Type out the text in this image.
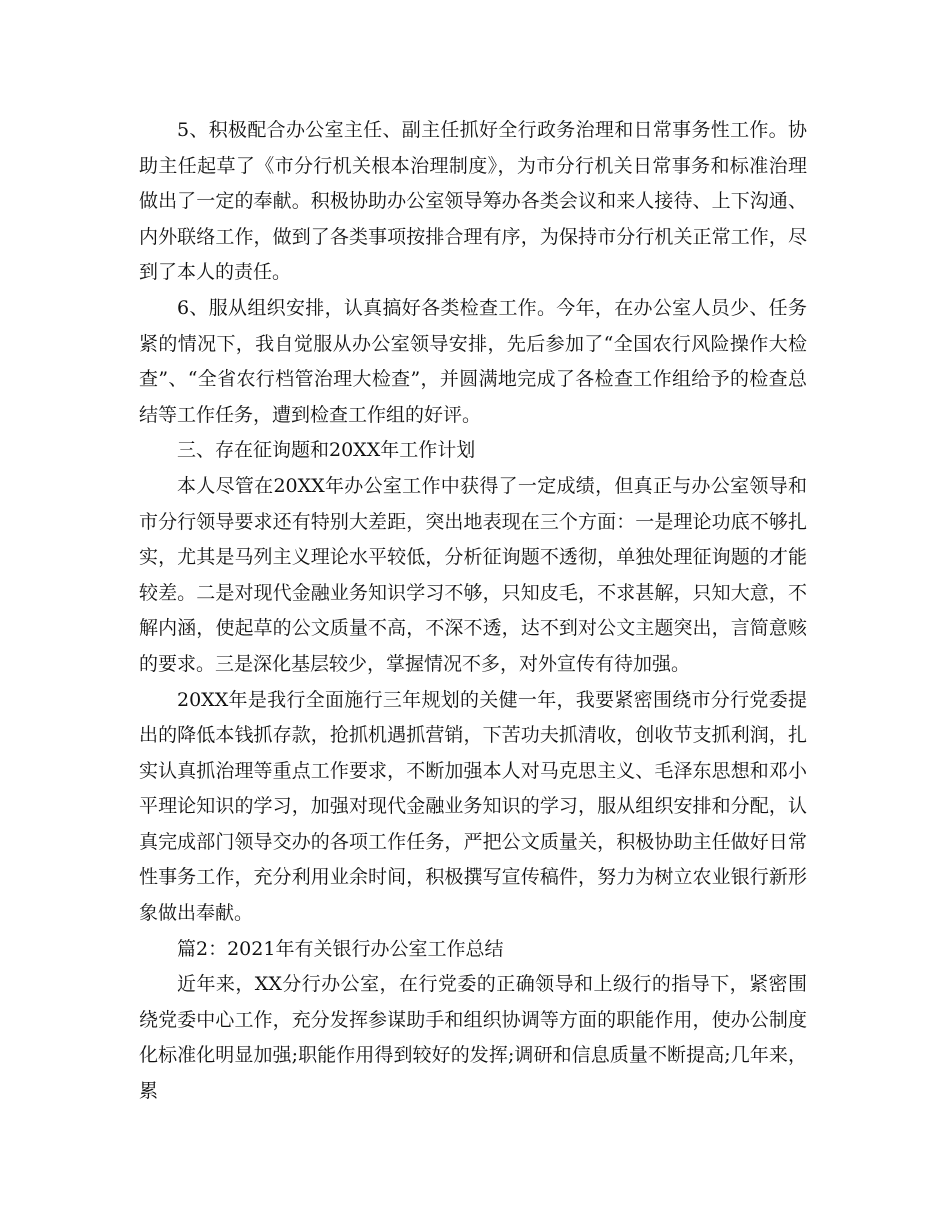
5、积极配合办公室主任、副主任抓好全行政务治理和日常事务性工作。协助主任起草了《市分行机关根本治理制度》，为市分行机关日常事务和标准治理做出了一定的奉献。积极协助办公室领导筹办各类会议和来人接待、上下沟通、内外联络工作，做到了各类事项按排合理有序，为保持市分行机关正常工作，尽到了本人的责任。

6、服从组织安排，认真搞好各类检查工作。今年，在办公室人员少、任务紧的情况下，我自觉服从办公室领导安排，先后参加了“全国农行风险操作大检查”、“全省农行档管治理大检查”，并圆满地完成了各检查工作组给予的检查总结等工作任务，遭到检查工作组的好评。

三、存在征询题和20XX年工作计划

本人尽管在20XX年办公室工作中获得了一定成绩，但真正与办公室领导和市分行领导要求还有特别大差距，突出地表现在三个方面：一是理论功底不够扎实，尤其是马列主义理论水平较低，分析征询题不透彻，单独处理征询题的才能较差。二是对现代金融业务知识学习不够，只知皮毛，不求甚解，只知大意，不解内涵，使起草的公文质量不高，不深不透，达不到对公文主题突出，言简意赅的要求。三是深化基层较少，掌握情况不多，对外宣传有待加强。

20XX年是我行全面施行三年规划的关健一年，我要紧密围绕市分行党委提出的降低本钱抓存款，抢抓机遇抓营销，下苦功夫抓清收，创收节支抓利润，扎实认真抓治理等重点工作要求，不断加强本人对马克思主义、毛泽东思想和邓小平理论知识的学习，加强对现代金融业务知识的学习，服从组织安排和分配，认真完成部门领导交办的各项工作任务，严把公文质量关，积极协助主任做好日常性事务工作，充分利用业余时间，积极撰写宣传稿件，努力为树立农业银行新形象做出奉献。

篇2：2021年有关银行办公室工作总结

近年来，XX分行办公室，在行党委的正确领导和上级行的指导下，紧密围绕党委中心工作，充分发挥参谋助手和组织协调等方面的职能作用，使办公制度化标准化明显加强;职能作用得到较好的发挥;调研和信息质量不断提高;几年来，累
